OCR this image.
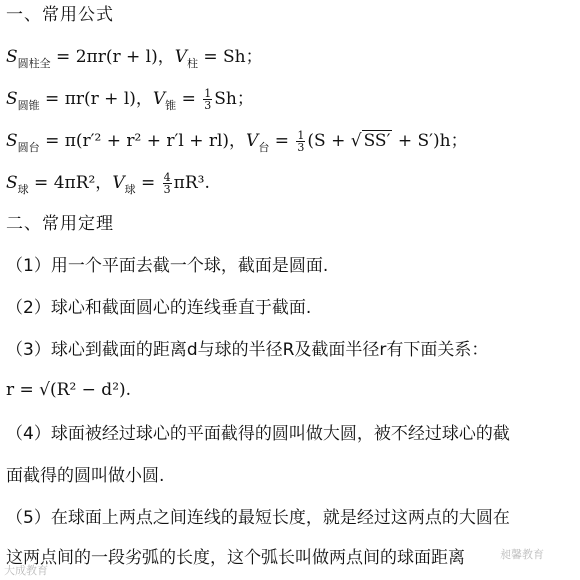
一、常用公式
$S_{圆柱全} = 2\pi r(r + l)$，$V_柱 = Sh$；
$S_{圆锥} = \pi r(r + l)$，$V_锥 = \frac{1}{3}$ Sh；
$S_{圆台} = \pi(r'^2 + r^2 + r'l + rl)$，$V_台 = \frac{1}{3} (S$ + √ SS′ + S′)h；
$S_球 = 4\pi R^2$，$V_球 = \frac{4}{3} \pi R^3$.
二、常用定理
（1）用一个平面去截一个球，截面是圆面.
（2）球心和截面圆心的连线垂直于截面.
（3）球心到截面的距离d与球的半径R及截面半径r有下面关系：
r = √(R² − d²).
（4）球面被经过球心的平面截得的圆叫做大圆，被不经过球心的截
面截得的圆叫做小圆.
（5）在球面上两点之间连线的最短长度，就是经过这两点的大圆在
这两点间的一段劣弧的长度，这个弧长叫做两点间的球面距离
大成教育
昶馨教育
